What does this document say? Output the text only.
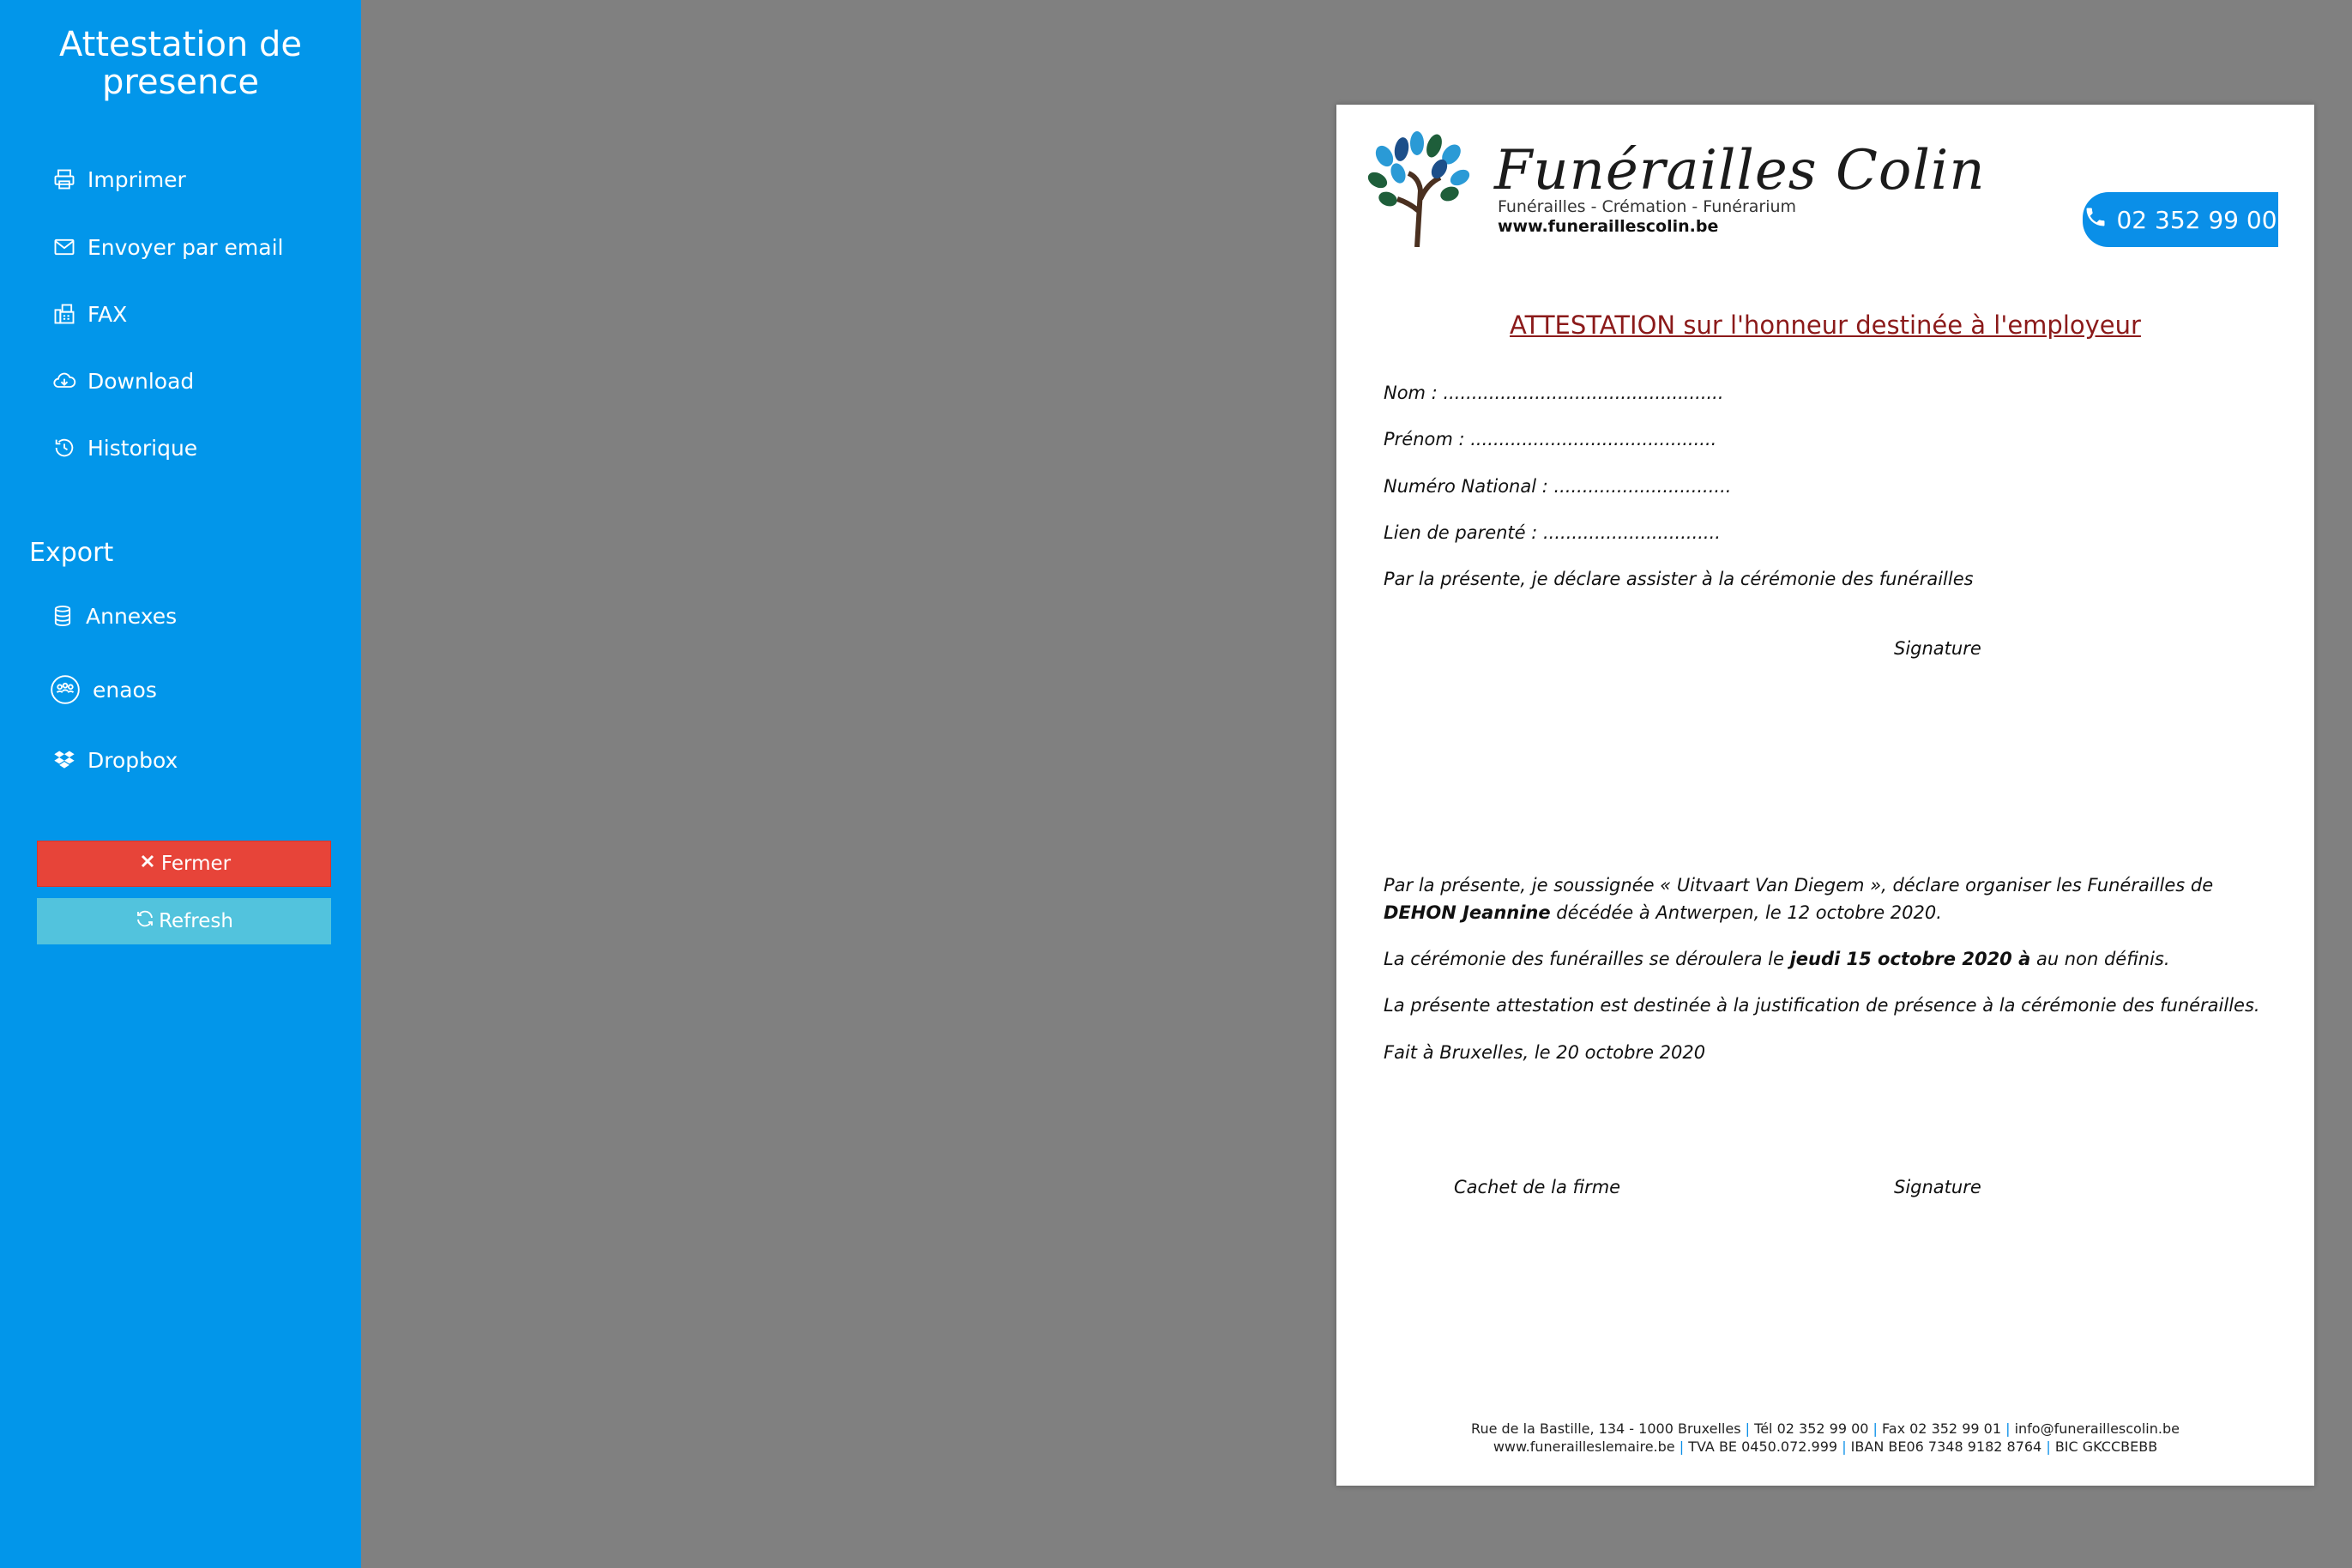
Attestation de presence
Imprimer
Envoyer par email
FAX
Download
Historique
Export
Annexes
enaos
Dropbox
Fermer
Refresh
Funérailles Colin
Funérailles - Crémation - Funérarium
www.funeraillescolin.be	02 352 99 00
ATTESTATION sur l'honneur destinée à l'employeur
Nom : .................................................
Prénom : ...........................................
Numéro National : ...............................
Lien de parenté : ...............................
Par la présente, je déclare assister à la cérémonie des funérailles
Signature
Par la présente, je soussignée « Uitvaart Van Diegem », déclare organiser les Funérailles de DEHON Jeannine décédée à Antwerpen, le 12 octobre 2020.
La cérémonie des funérailles se déroulera le jeudi 15 octobre 2020 à au non définis.
La présente attestation est destinée à la justification de présence à la cérémonie des funérailles.
Fait à Bruxelles, le 20 octobre 2020
Cachet de la firme	Signature
Rue de la Bastille, 134 - 1000 Bruxelles | Tél 02 352 99 00 | Fax 02 352 99 01 | info@funeraillescolin.be
www.funerailleslemaire.be | TVA BE 0450.072.999 | IBAN BE06 7348 9182 8764 | BIC GKCCBEBB
